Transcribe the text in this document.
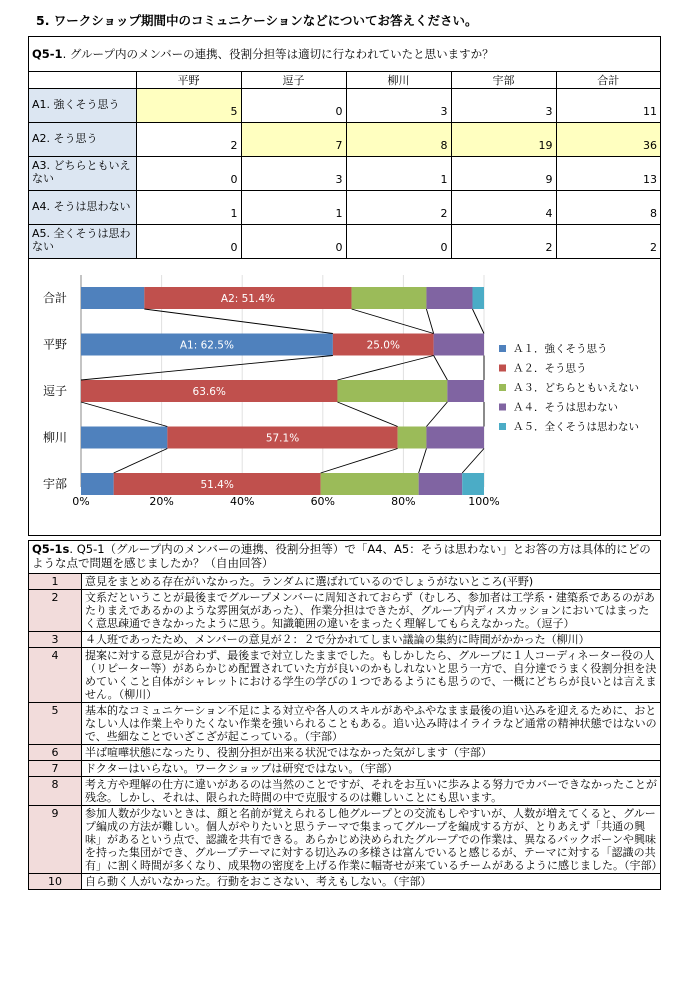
5. ワークショップ期間中のコミュニケーションなどについてお答えください。
Q5-1. グループ内のメンバーの連携、役割分担等は適切に行なわれていたと思いますか？					
	平野	逗子	柳川	宇部	合計
A1. 強くそう思う	5	0	3	3	11
A2. そう思う	2	7	8	19	36
A3. どちらともいえない	0	3	1	9	13
A4. そうは思わない	1	1	2	4	8
A5. 全くそうは思わない	0	0	0	2	2
0%	20%	40%	60%	80%	100%
合計
平野
逗子
柳川
宇部
A2: 51.4%
A1: 62.5%	25.0%
63.6%
57.1%
51.4%
Ａ１．強くそう思う
Ａ２．そう思う
Ａ３．どちらともいえない
Ａ４．そうは思わない
Ａ５．全くそうは思わない
Q5-1s. Q5-1（グループ内のメンバーの連携、役割分担等）で「A4、A5：そうは思わない」とお答の方は具体的にどのような点で問題を感じましたか？（自由回答）
1	意見をまとめる存在がいなかった。ランダムに選ばれているのでしょうがないところ(平野)
2	文系だということが最後までグループメンバーに周知されておらず（むしろ、参加者は工学系・建築系であるのがあたりまえであるかのような雰囲気があった）、作業分担はできたが、グループ内ディスカッションにおいてはまったく意思疎通できなかったように思う。知識範囲の違いをまったく理解してもらえなかった。（逗子）
3	４人班であったため、メンバーの意見が２：２で分かれてしまい議論の集約に時間がかかった（柳川）
4	提案に対する意見が合わず、最後まで対立したままでした。もしかしたら、グループに１人コーディネーター役の人（リピーター等）があらかじめ配置されていた方が良いのかもしれないと思う一方で、自分達でうまく役割分担を決めていくこと自体がシャレットにおける学生の学びの１つであるようにも思うので、一概にどちらが良いとは言えません。（柳川）
5	基本的なコミュニケーション不足による対立や各人のスキルがあやふやなまま最後の追い込みを迎えるために、おとなしい人は作業上やりたくない作業を強いられることもある。追い込み時はイライラなど通常の精神状態ではないので、些細なことでいざこざが起こっている。（宇部）
6	半ば喧嘩状態になったり、役割分担が出来る状況ではなかった気がします（宇部）
7	ドクターはいらない。ワークショップは研究ではない。（宇部）
8	考え方や理解の仕方に違いがあるのは当然のことですが、それをお互いに歩みよる努力でカバーできなかったことが残念。しかし、それは、限られた時間の中で克服するのは難しいことにも思います。
9	参加人数が少ないときは、顔と名前が覚えられるし他グループとの交流もしやすいが、人数が増えてくると、グループ編成の方法が難しい。個人がやりたいと思うテーマで集まってグループを編成する方が、とりあえず「共通の興味」があるという点で、認識を共有できる。あらかじめ決められたグループでの作業は、異なるバックボーンや興味を持った集団ができ、グループテーマに対する切込みの多様さは富んでいると感じるが、テーマに対する「認識の共有」に割く時間が多くなり、成果物の密度を上げる作業に幅寄せが来ているチームがあるように感じました。（宇部）
10	自ら動く人がいなかった。行動をおこさない、考えもしない。（宇部）
